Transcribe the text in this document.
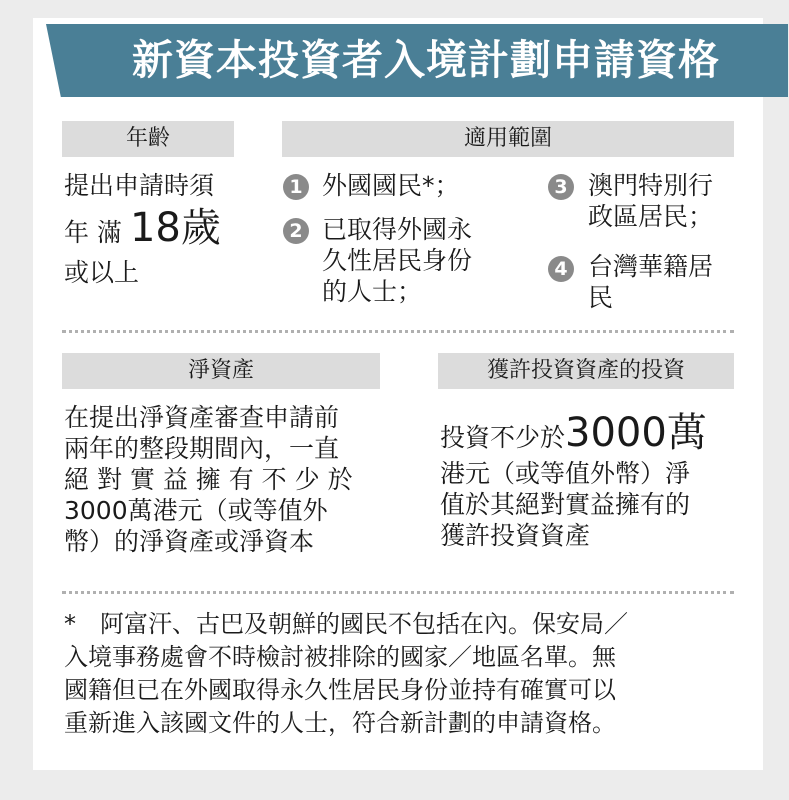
新資本投資者入境計劃申請資格
年齡
提出申請時須
年 滿 18歲
或以上
適用範圍
1 外國國民*；
2 已取得外國永
久性居民身份
的人士；
3 澳門特別行
政區居民；
4 台灣華籍居
民
淨資產
在提出淨資產審查申請前
兩年的整段期間內，一直
絕 對 實 益 擁 有 不 少 於
3000萬港元（或等值外
幣）的淨資產或淨資本
獲許投資資產的投資
投資不少於3000萬
港元（或等值外幣）淨
值於其絕對實益擁有的
獲許投資資產
*　阿富汗、古巴及朝鮮的國民不包括在內。保安局／
入境事務處會不時檢討被排除的國家／地區名單。無
國籍但已在外國取得永久性居民身份並持有確實可以
重新進入該國文件的人士，符合新計劃的申請資格。
